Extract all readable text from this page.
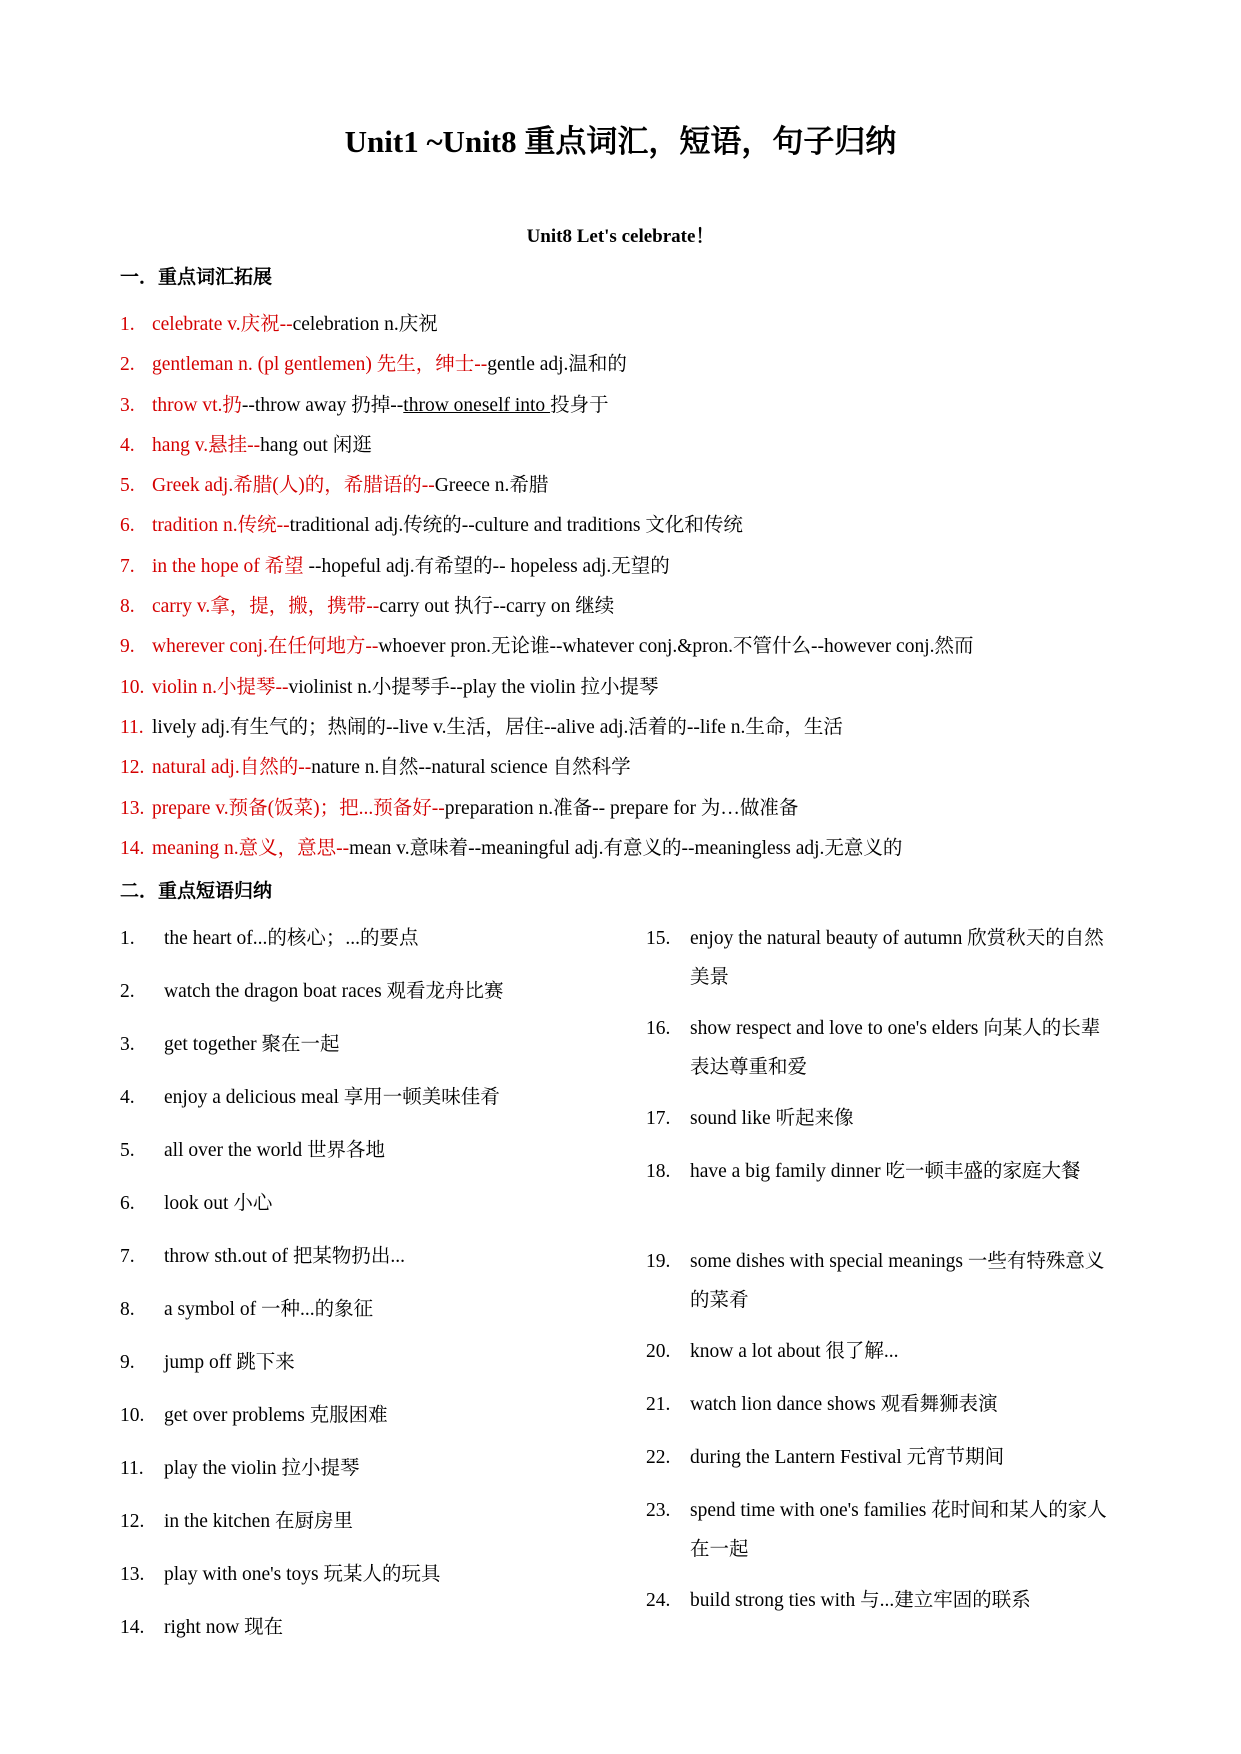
Unit1 ~Unit8 重点词汇，短语，句子归纳
Unit8 Let's celebrate！
一．重点词汇拓展
1. celebrate v.庆祝--celebration n.庆祝
2. gentleman n. (pl gentlemen) 先生，绅士--gentle adj.温和的
3. throw vt.扔--throw away 扔掉--throw oneself into 投身于
4. hang v.悬挂--hang out 闲逛
5. Greek adj.希腊(人)的，希腊语的--Greece n.希腊
6. tradition n.传统--traditional adj.传统的--culture and traditions 文化和传统
7. in the hope of 希望 --hopeful adj.有希望的-- hopeless adj.无望的
8. carry v.拿，提，搬，携带--carry out 执行--carry on 继续
9. wherever conj.在任何地方--whoever pron.无论谁--whatever conj.&pron.不管什么--however conj.然而
10. violin n.小提琴--violinist n.小提琴手--play the violin 拉小提琴
11. lively adj.有生气的；热闹的--live v.生活，居住--alive adj.活着的--life n.生命，生活
12. natural adj.自然的--nature n.自然--natural science 自然科学
13. prepare v.预备(饭菜)；把...预备好--preparation n.准备-- prepare for 为…做准备
14. meaning n.意义，意思--mean v.意味着--meaningful adj.有意义的--meaningless adj.无意义的
二．重点短语归纳
1. the heart of...的核心；...的要点
2. watch the dragon boat races 观看龙舟比赛
3. get together 聚在一起
4. enjoy a delicious meal 享用一顿美味佳肴
5. all over the world 世界各地
6. look out 小心
7. throw sth.out of 把某物扔出...
8. a symbol of 一种...的象征
9. jump off 跳下来
10. get over problems 克服困难
11. play the violin 拉小提琴
12. in the kitchen 在厨房里
13. play with one's toys 玩某人的玩具
14. right now 现在
15. enjoy the natural beauty of autumn 欣赏秋天的自然美景
16. show respect and love to one's elders 向某人的长辈表达尊重和爱
17. sound like 听起来像
18. have a big family dinner 吃一顿丰盛的家庭大餐
19. some dishes with special meanings 一些有特殊意义的菜肴
20. know a lot about 很了解...
21. watch lion dance shows 观看舞狮表演
22. during the Lantern Festival 元宵节期间
23. spend time with one's families 花时间和某人的家人在一起
24. build strong ties with 与...建立牢固的联系
